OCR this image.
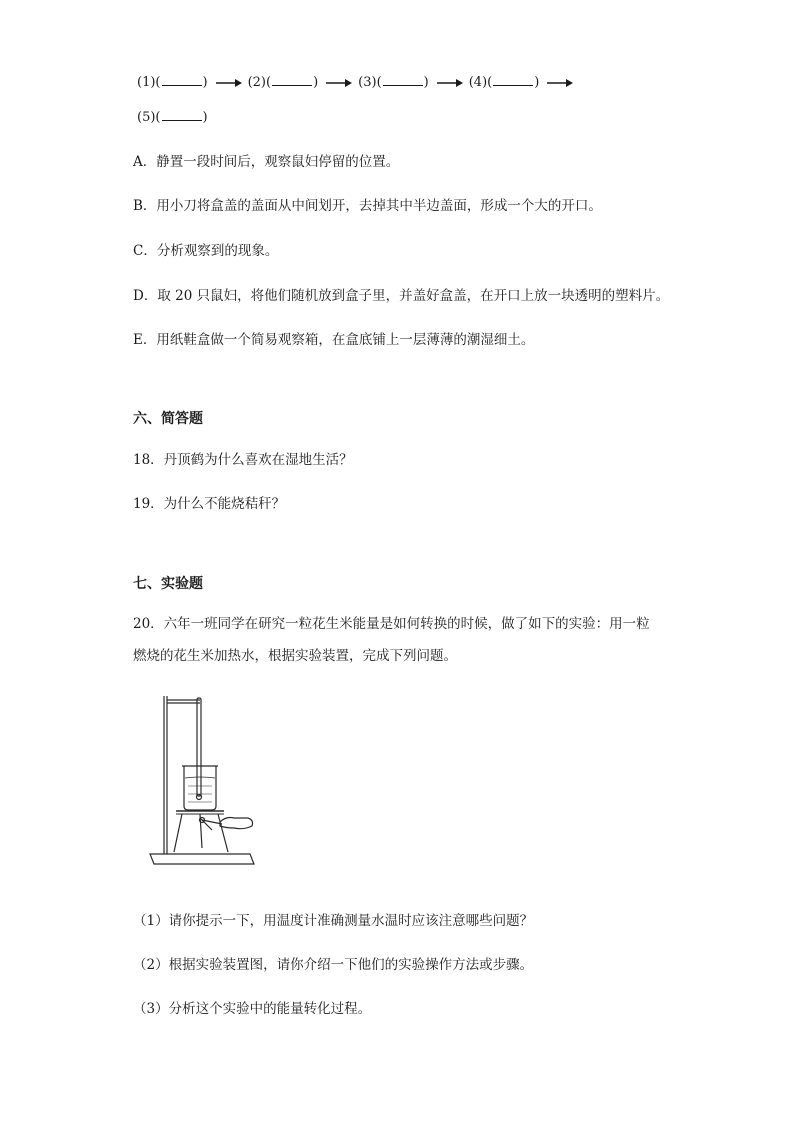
(1)(	)	(2)(	)	(3)(	)	(4)(	)
(5)(	)
A．静置一段时间后，观察鼠妇停留的位置。
B．用小刀将盒盖的盖面从中间划开，去掉其中半边盖面，形成一个大的开口。
C．分析观察到的现象。
D．取 20 只鼠妇，将他们随机放到盒子里，并盖好盒盖，在开口上放一块透明的塑料片。
E．用纸鞋盒做一个简易观察箱，在盒底铺上一层薄薄的潮湿细土。
六、简答题
18．丹顶鹤为什么喜欢在湿地生活？
19．为什么不能烧秸秆？
七、实验题
20．六年一班同学在研究一粒花生米能量是如何转换的时候，做了如下的实验：用一粒
燃烧的花生米加热水，根据实验装置，完成下列问题。
（1）请你提示一下，用温度计准确测量水温时应该注意哪些问题？
（2）根据实验装置图，请你介绍一下他们的实验操作方法或步骤。
（3）分析这个实验中的能量转化过程。
